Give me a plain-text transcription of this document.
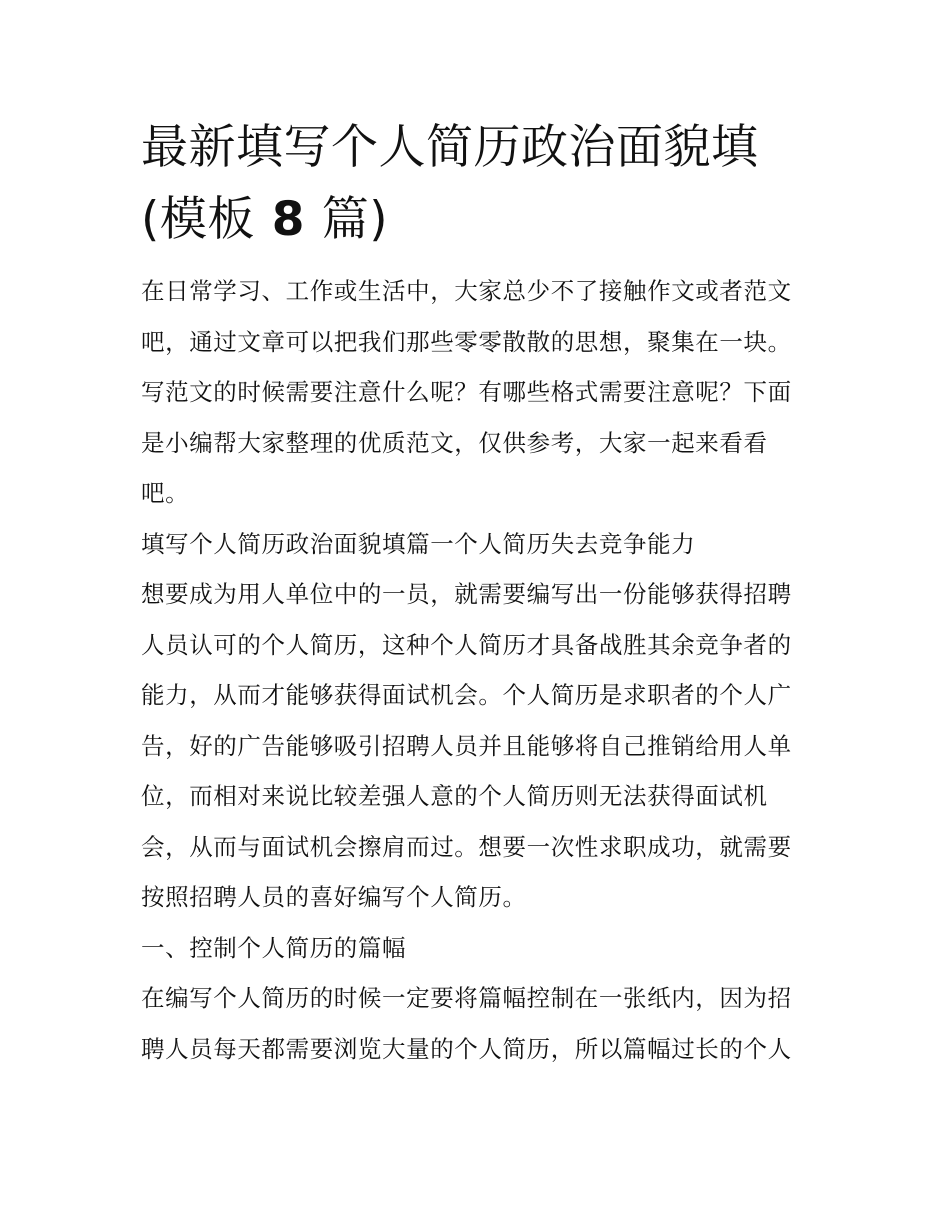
最新填写个人简历政治面貌填
(模板 8 篇)
在日常学习、工作或生活中，大家总少不了接触作文或者范文
吧，通过文章可以把我们那些零零散散的思想，聚集在一块。
写范文的时候需要注意什么呢？有哪些格式需要注意呢？下面
是小编帮大家整理的优质范文，仅供参考，大家一起来看看
吧。
填写个人简历政治面貌填篇一个人简历失去竞争能力
想要成为用人单位中的一员，就需要编写出一份能够获得招聘
人员认可的个人简历，这种个人简历才具备战胜其余竞争者的
能力，从而才能够获得面试机会。个人简历是求职者的个人广
告，好的广告能够吸引招聘人员并且能够将自己推销给用人单
位，而相对来说比较差强人意的个人简历则无法获得面试机
会，从而与面试机会擦肩而过。想要一次性求职成功，就需要
按照招聘人员的喜好编写个人简历。
一、控制个人简历的篇幅
在编写个人简历的时候一定要将篇幅控制在一张纸内，因为招
聘人员每天都需要浏览大量的个人简历，所以篇幅过长的个人
